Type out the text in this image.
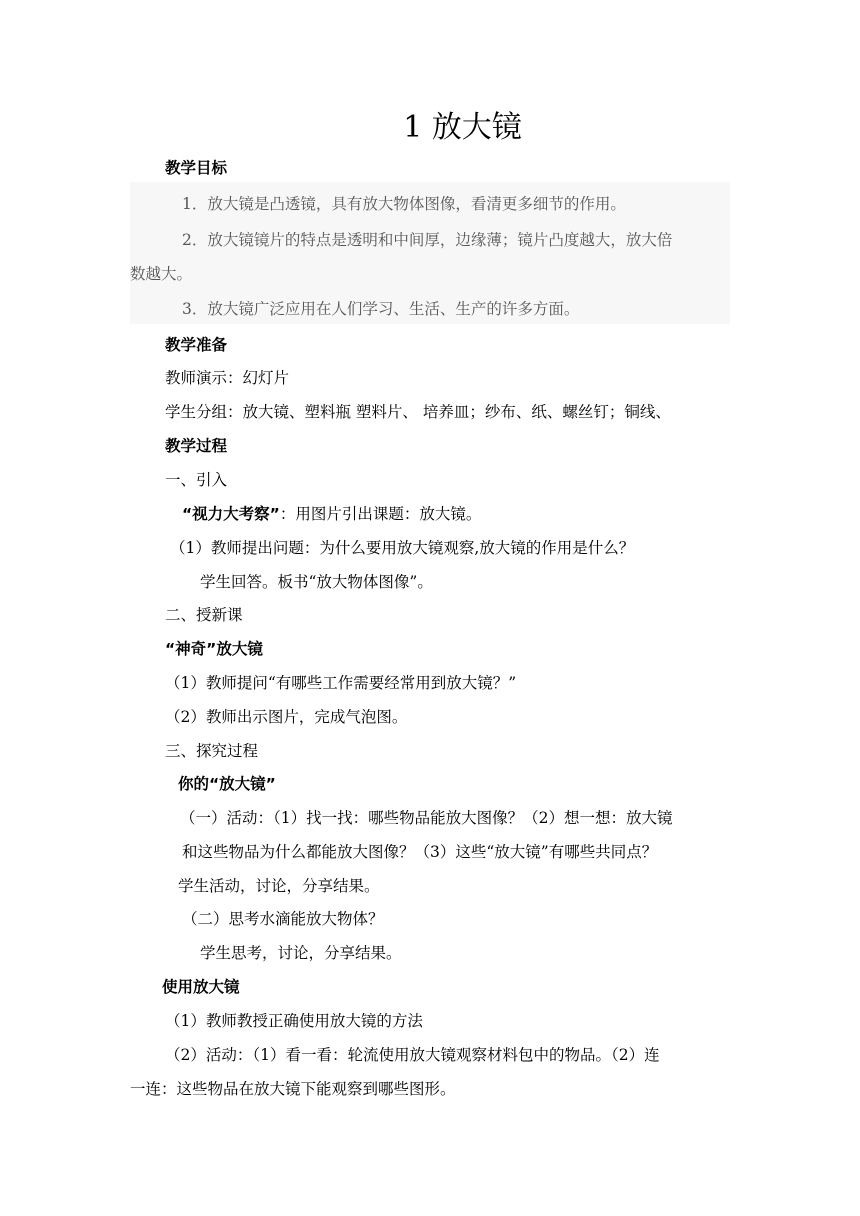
1 放大镜
教学目标
1．放大镜是凸透镜，具有放大物体图像，看清更多细节的作用。
2．放大镜镜片的特点是透明和中间厚，边缘薄；镜片凸度越大，放大倍
数越大。
3．放大镜广泛应用在人们学习、生活、生产的许多方面。
教学准备
教师演示：幻灯片
学生分组：放大镜、塑料瓶 塑料片、 培养皿；纱布、纸、螺丝钉；铜线、
教学过程
一、引入
“视力大考察”：用图片引出课题：放大镜。
（1）教师提出问题：为什么要用放大镜观察,放大镜的作用是什么？
学生回答。板书“放大物体图像”。
二、授新课
“神奇”放大镜
（1）教师提问“有哪些工作需要经常用到放大镜？”
（2）教师出示图片，完成气泡图。
三、探究过程
你的“放大镜”
（一）活动：（1）找一找：哪些物品能放大图像？（2）想一想：放大镜
和这些物品为什么都能放大图像？（3）这些“放大镜”有哪些共同点？
学生活动，讨论，分享结果。
（二）思考水滴能放大物体？
学生思考，讨论，分享结果。
使用放大镜
（1）教师教授正确使用放大镜的方法
（2）活动：（1）看一看：轮流使用放大镜观察材料包中的物品。（2）连
一连：这些物品在放大镜下能观察到哪些图形。
